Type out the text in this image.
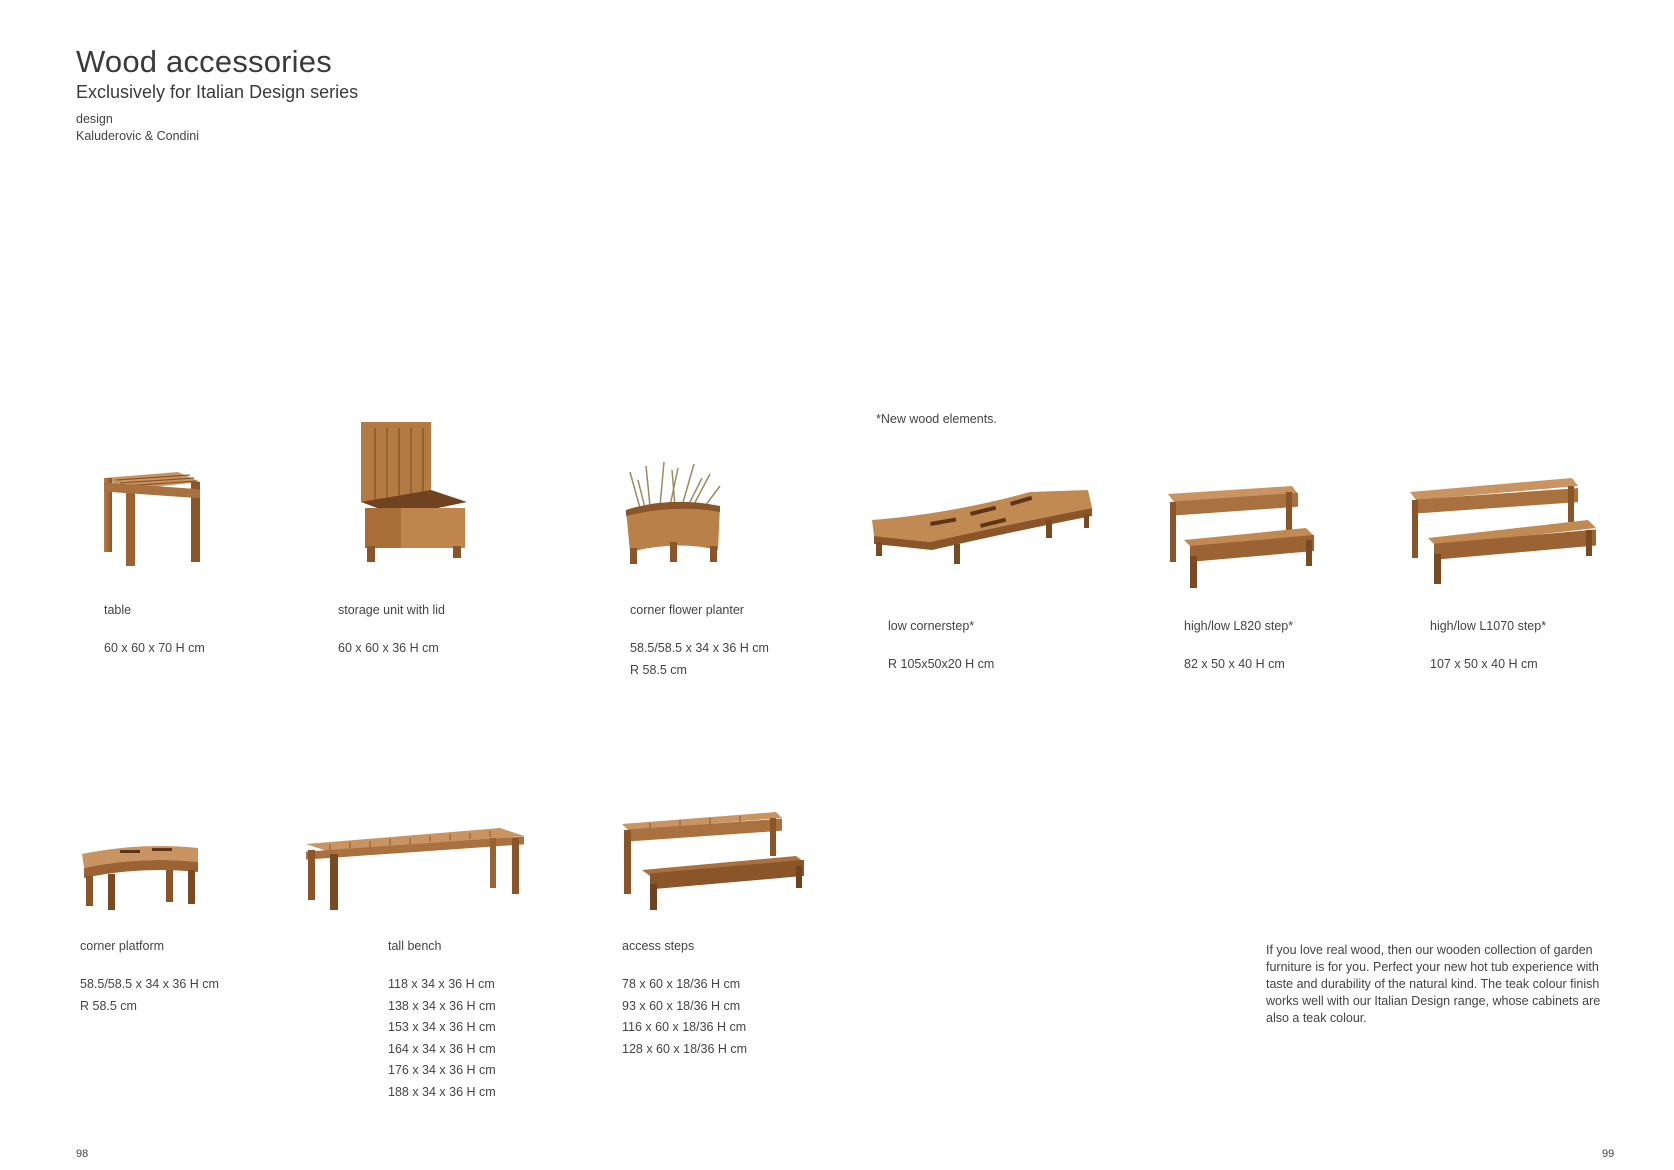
Wood accessories
Exclusively for Italian Design series
design
Kaluderovic & Condini
*New wood elements.
table
60 x 60 x 70 H cm
storage unit with lid
60 x 60 x 36 H cm
corner flower planter
58.5/58.5 x 34 x 36 H cm
R 58.5 cm
low cornerstep*
R 105x50x20 H cm
high/low L820 step*
82 x 50 x 40 H cm
high/low L1070 step*
107 x 50 x 40 H cm
corner platform
58.5/58.5 x 34 x 36 H cm
R 58.5 cm
tall bench
118 x 34 x 36 H cm
138 x 34 x 36 H cm
153 x 34 x 36 H cm
164 x 34 x 36 H cm
176 x 34 x 36 H cm
188 x 34 x 36 H cm
access steps
78 x 60 x 18/36 H cm
93 x 60 x 18/36 H cm
116 x 60 x 18/36 H cm
128 x 60 x 18/36 H cm
If you love real wood, then our wooden collection of garden furniture is for you. Perfect your new hot tub experience with taste and durability of the natural kind. The teak colour finish works well with our Italian Design range, whose cabinets are also a teak colour.
98	99
